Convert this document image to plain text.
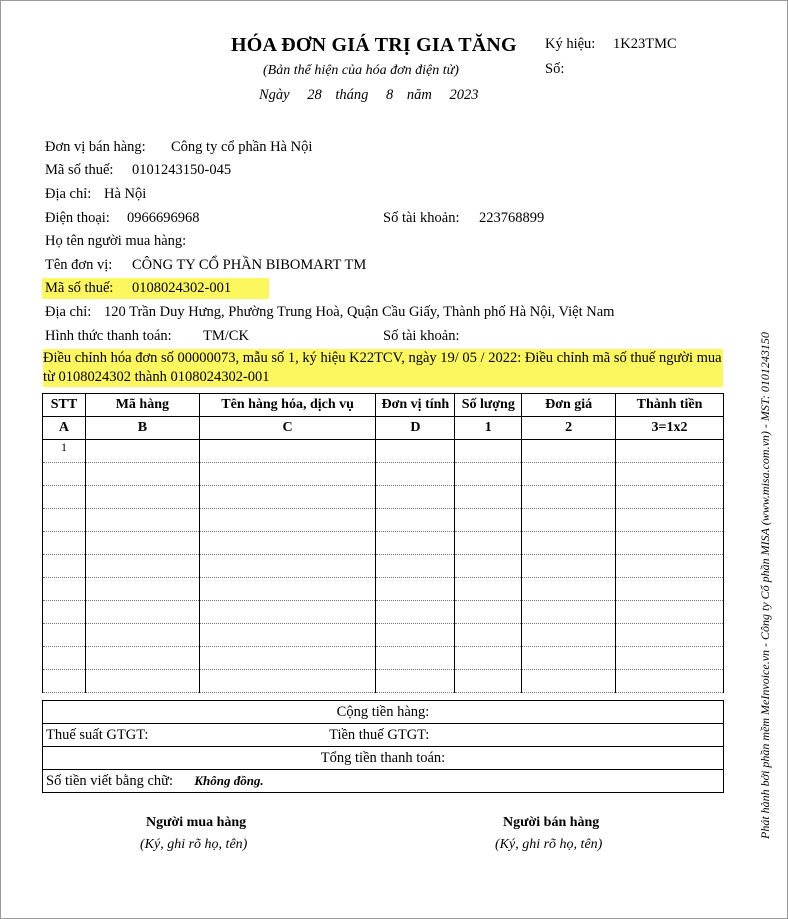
HÓA ĐƠN GIÁ TRỊ GIA TĂNG
(Bản thể hiện của hóa đơn điện tử)
Ngày 28 tháng 8 năm 2023
Ký hiệu: 1K23TMC
Số:
Đơn vị bán hàng: Công ty cổ phần Hà Nội
Mã số thuế: 0101243150-045
Địa chỉ: Hà Nội
Điện thoại: 0966696968	Số tài khoản: 223768899
Họ tên người mua hàng:
Tên đơn vị: CÔNG TY CỔ PHẦN BIBOMART TM
Mã số thuế: 0108024302-001
Địa chỉ: 120 Trần Duy Hưng, Phường Trung Hoà, Quận Cầu Giấy, Thành phố Hà Nội, Việt Nam
Hình thức thanh toán: TM/CK	Số tài khoản:
Điều chỉnh hóa đơn số 00000073, mẫu số 1, ký hiệu K22TCV, ngày 19/ 05 / 2022: Điều chỉnh mã số thuế người mua từ 0108024302 thành 0108024302-001
STT	Mã hàng	Tên hàng hóa, dịch vụ	Đơn vị tính	Số lượng	Đơn giá	Thành tiền
A	B	C	D	1	2	3=1x2
1						

Cộng tiền hàng:
Thuế suất GTGT:	Tiền thuế GTGT:
Tổng tiền thanh toán:
Số tiền viết bằng chữ: Không đồng.
Người mua hàng
(Ký, ghi rõ họ, tên)
Người bán hàng
(Ký, ghi rõ họ, tên)
Phát hành bởi phần mềm MeInvoice.vn - Công ty Cổ phần MISA (www.misa.com.vn) - MST: 0101243150
